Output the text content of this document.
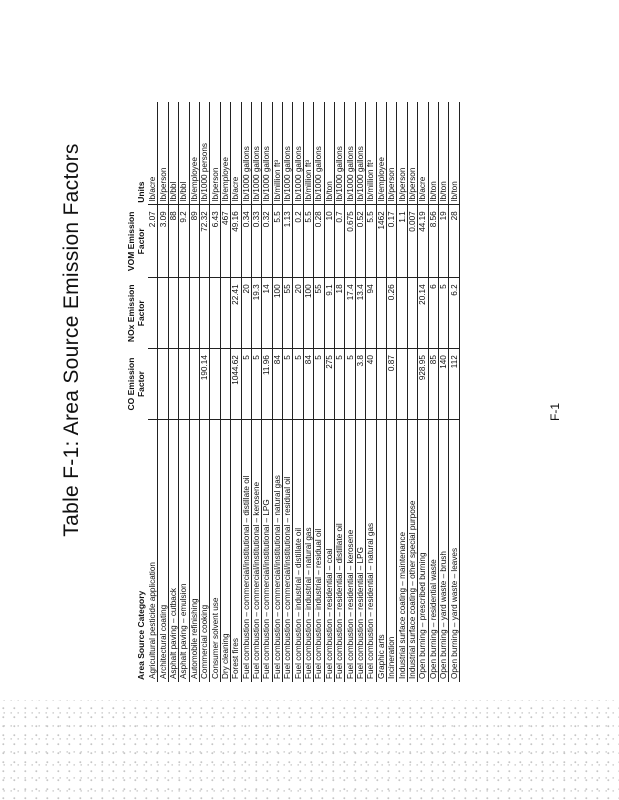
Table F-1: Area Source Emission Factors
Area Source Category	CO Emission Factor	NOx Emission Factor	VOM Emission Factor	Units
Agricultural pesticide application			2.07	lb/acre
Architectural coating			3.09	lb/person
Asphalt paving – cutback			88	lb/bbl
Asphalt paving – emulsion			9.2	lb/bbl
Automobile refinishing			89	lb/employee
Commercial cooking	190.14		72.32	lb/1000 persons
Consumer solvent use			6.43	lb/person
Dry cleaning			467	lb/employee
Forest fires	1044.62	22.41	49.16	lb/acre
Fuel combustion – commercial/institutional – distillate oil	5	20	0.34	lb/1000 gallons
Fuel combustion – commercial/institutional – kerosene	5	19.3	0.33	lb/1000 gallons
Fuel combustion – commercial/institutional – LPG	11.96	14	0.32	lb/1000 gallons
Fuel combustion – commercial/institutional – natural gas	84	100	5.5	lb/million ft³
Fuel combustion – commercial/institutional – residual oil	5	55	1.13	lb/1000 gallons
Fuel combustion – industrial – distillate oil	5	20	0.2	lb/1000 gallons
Fuel combustion – industrial – natural gas	84	100	5.5	lb/million ft³
Fuel combustion – industrial – residual oil	5	55	0.28	lb/1000 gallons
Fuel combustion – residential – coal	275	9.1	10	lb/ton
Fuel combustion – residential – distillate oil	5	18	0.7	lb/1000 gallons
Fuel combustion – residential – kerosene	5	17.4	0.675	lb/1000 gallons
Fuel combustion – residential – LPG	3.8	13.4	0.52	lb/1000 gallons
Fuel combustion – residential – natural gas	40	94	5.5	lb/million ft³
Graphic arts			1462	lb/employee
Incineration	0.87	0.26	0.17	lb/person
Industrial surface coating – maintenance			1.1	lb/person
Industrial surface coating – other special purpose			0.007	lb/person
Open burning – prescribed burning	928.95	20.14	44.19	lb/acre
Open burning – residential waste	85	6	8.56	lb/ton
Open burning – yard waste – brush	140	5	19	lb/ton
Open burning – yard waste – leaves	112	6.2	28	lb/ton
F-1
